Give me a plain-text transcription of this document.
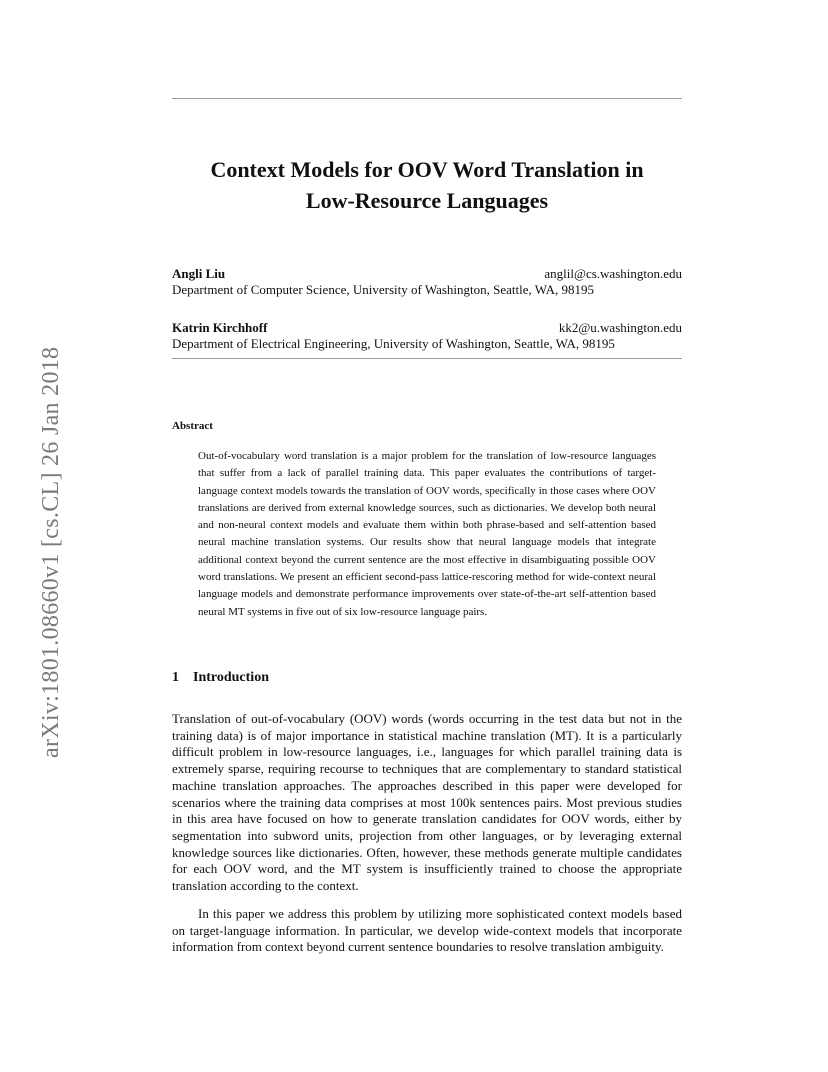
arXiv:1801.08660v1 [cs.CL] 26 Jan 2018
Context Models for OOV Word Translation in
Low-Resource Languages
Angli Liu	anglil@cs.washington.edu
Department of Computer Science, University of Washington, Seattle, WA, 98195
Katrin Kirchhoff	kk2@u.washington.edu
Department of Electrical Engineering, University of Washington, Seattle, WA, 98195
Abstract

Out-of-vocabulary word translation is a major problem for the translation of low-resource languages that suffer from a lack of parallel training data. This paper evaluates the contributions of target-language context models towards the translation of OOV words, specifically in those cases where OOV translations are derived from external knowledge sources, such as dictionaries. We develop both neural and non-neural context models and evaluate them within both phrase-based and self-attention based neural machine translation systems. Our results show that neural language models that integrate additional context beyond the current sentence are the most effective in disambiguating possible OOV word translations. We present an efficient second-pass lattice-rescoring method for wide-context neural language models and demonstrate performance improvements over state-of-the-art self-attention based neural MT systems in five out of six low-resource language pairs.

1 Introduction

Translation of out-of-vocabulary (OOV) words (words occurring in the test data but not in the training data) is of major importance in statistical machine translation (MT). It is a particularly difficult problem in low-resource languages, i.e., languages for which parallel training data is extremely sparse, requiring recourse to techniques that are complementary to standard statistical machine translation approaches. The approaches described in this paper were developed for scenarios where the training data comprises at most 100k sentences pairs. Most previous studies in this area have focused on how to generate translation candidates for OOV words, either by segmentation into subword units, projection from other languages, or by leveraging external knowledge sources like dictionaries. Often, however, these methods generate multiple candidates for each OOV word, and the MT system is insufficiently trained to choose the appropriate translation according to the context.

In this paper we address this problem by utilizing more sophisticated context models based on target-language information. In particular, we develop wide-context models that incorporate information from context beyond current sentence boundaries to resolve translation ambiguity.
